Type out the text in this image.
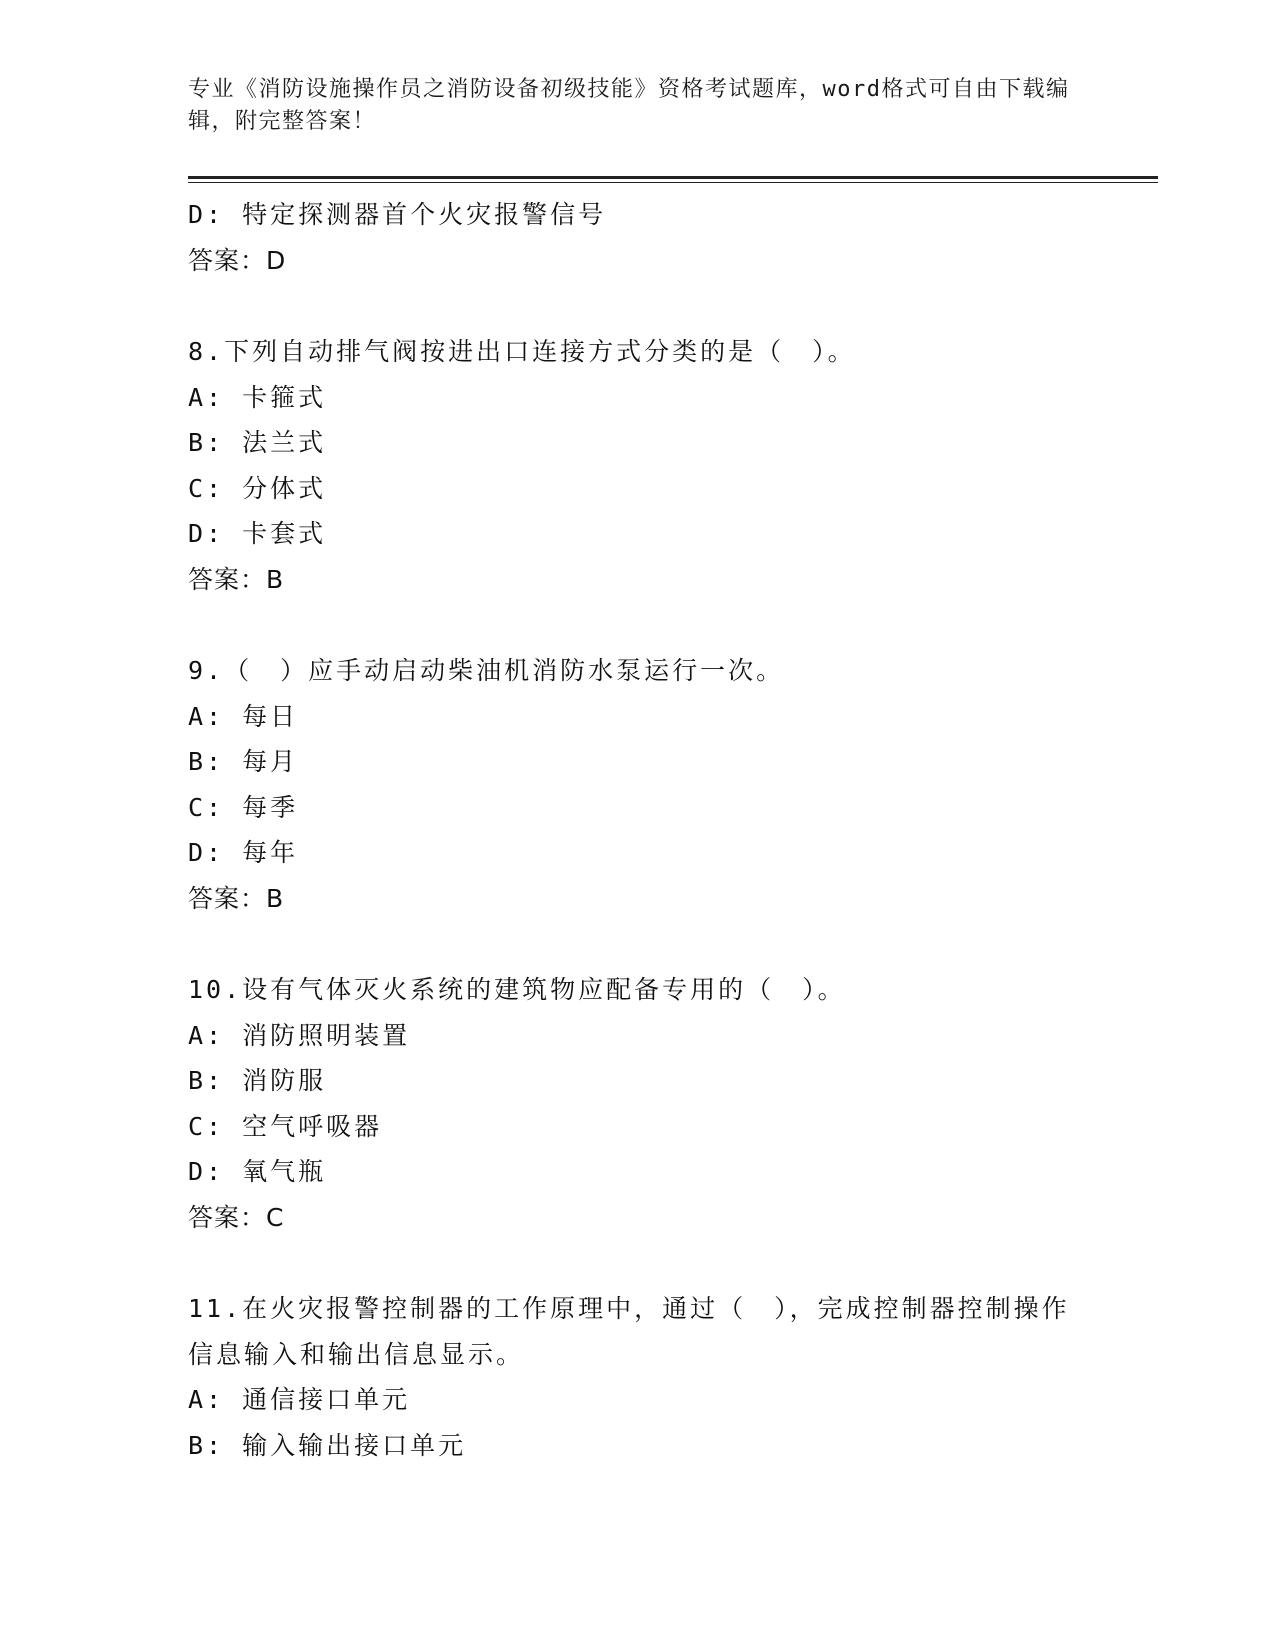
专业《消防设施操作员之消防设备初级技能》资格考试题库，word格式可自由下载编辑，附完整答案！
D: 特定探测器首个火灾报警信号
答案：D
8.下列自动排气阀按进出口连接方式分类的是（　）。
A: 卡箍式
B: 法兰式
C: 分体式
D: 卡套式
答案：B
9.（　）应手动启动柴油机消防水泵运行一次。
A: 每日
B: 每月
C: 每季
D: 每年
答案：B
10.设有气体灭火系统的建筑物应配备专用的（　）。
A: 消防照明装置
B: 消防服
C: 空气呼吸器
D: 氧气瓶
答案：C
11.在火灾报警控制器的工作原理中，通过（　），完成控制器控制操作信息输入和输出信息显示。
A: 通信接口单元
B: 输入输出接口单元
